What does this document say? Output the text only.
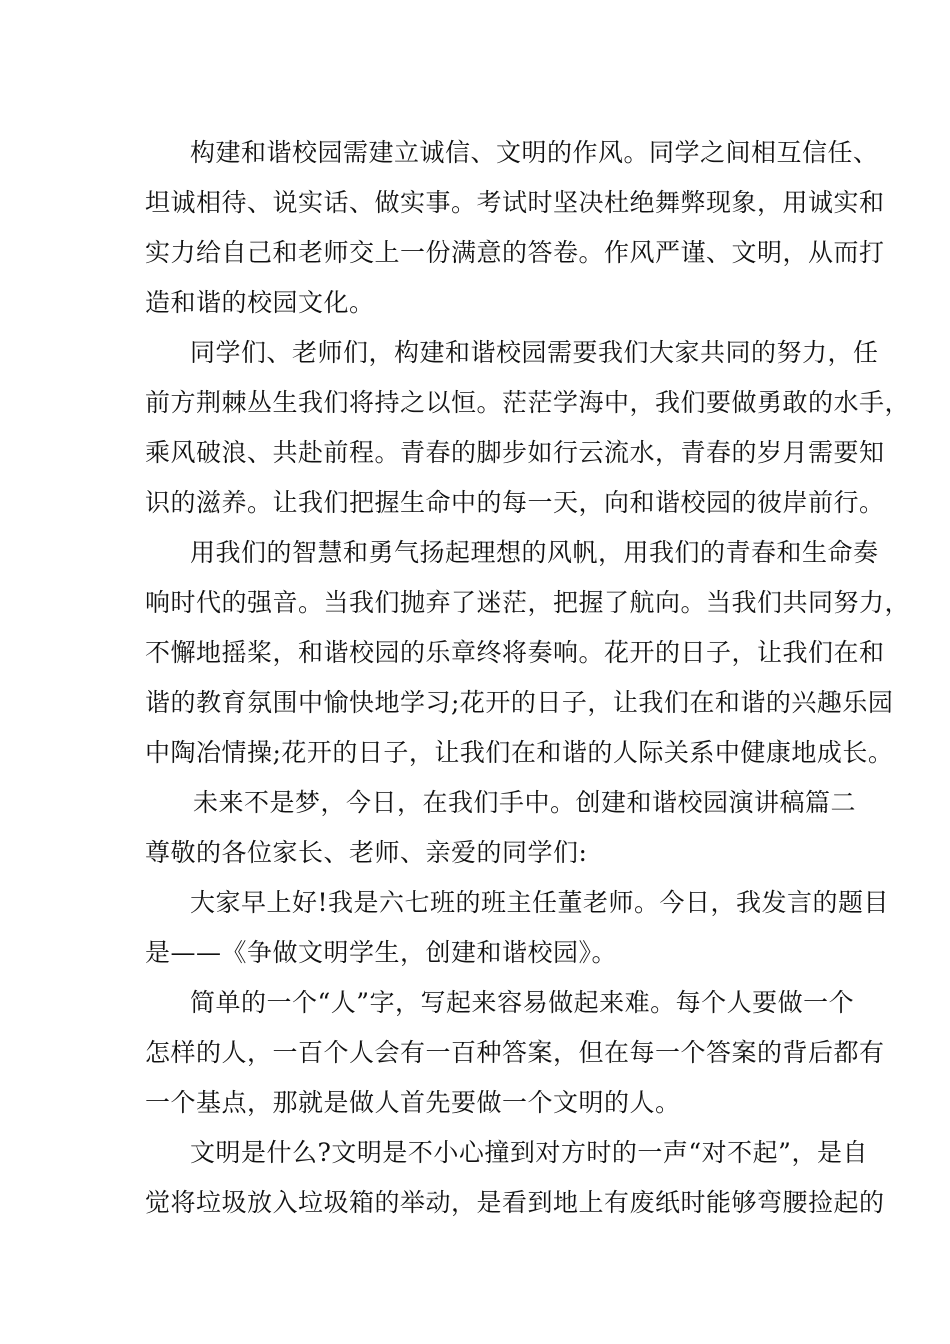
构建和谐校园需建立诚信、文明的作风。同学之间相互信任、
坦诚相待、说实话、做实事。考试时坚决杜绝舞弊现象，用诚实和
实力给自己和老师交上一份满意的答卷。作风严谨、文明，从而打
造和谐的校园文化。
同学们、老师们，构建和谐校园需要我们大家共同的努力，任
前方荆棘丛生我们将持之以恒。茫茫学海中，我们要做勇敢的水手，
乘风破浪、共赴前程。青春的脚步如行云流水，青春的岁月需要知
识的滋养。让我们把握生命中的每一天，向和谐校园的彼岸前行。
用我们的智慧和勇气扬起理想的风帆，用我们的青春和生命奏
响时代的强音。当我们抛弃了迷茫，把握了航向。当我们共同努力，
不懈地摇桨，和谐校园的乐章终将奏响。花开的日子，让我们在和
谐的教育氛围中愉快地学习;花开的日子，让我们在和谐的兴趣乐园
中陶冶情操;花开的日子，让我们在和谐的人际关系中健康地成长。
未来不是梦，今日，在我们手中。创建和谐校园演讲稿篇二
尊敬的各位家长、老师、亲爱的同学们:
大家早上好!我是六七班的班主任董老师。今日，我发言的题目
是——《争做文明学生，创建和谐校园》。
简单的一个“人”字，写起来容易做起来难。每个人要做一个
怎样的人，一百个人会有一百种答案，但在每一个答案的背后都有
一个基点，那就是做人首先要做一个文明的人。
文明是什么?文明是不小心撞到对方时的一声“对不起”，是自
觉将垃圾放入垃圾箱的举动，是看到地上有废纸时能够弯腰捡起的
